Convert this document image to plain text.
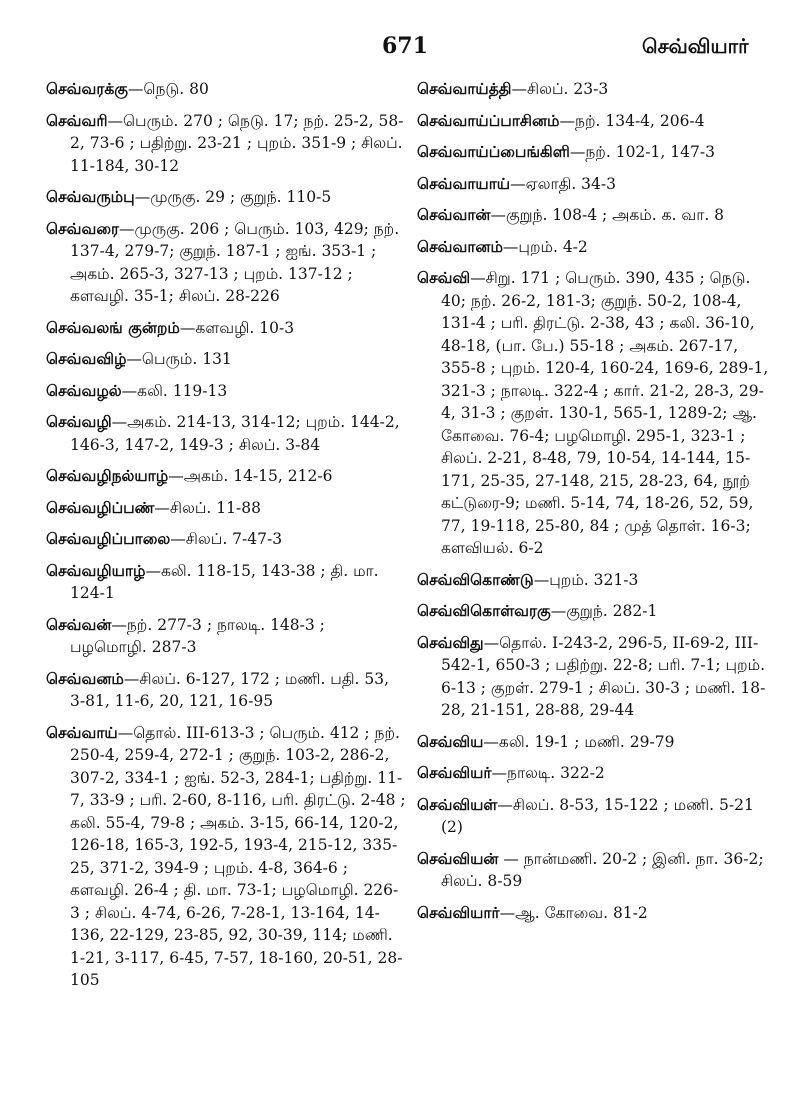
671	செவ்வியார்

செவ்வரக்கு—நெடு. 80

செவ்வரி—பெரும். 270 ; நெடு. 17; நற். 25-2, 58-2, 73-6 ; பதிற்று. 23-21 ; புறம். 351-9 ; சிலப். 11-184, 30-12

செவ்வரும்பு—முருகு. 29 ; குறுந். 110-5

செவ்வரை—முருகு. 206 ; பெரும். 103, 429; நற். 137-4, 279-7; குறுந். 187-1 ; ஐங். 353-1 ; அகம். 265-3, 327-13 ; புறம். 137-12 ; களவழி. 35-1; சிலப். 28-226

செவ்வலங் குன்றம்—களவழி. 10-3

செவ்வவிழ்—பெரும். 131

செவ்வழல்—கலி. 119-13

செவ்வழி—அகம். 214-13, 314-12; புறம். 144-2, 146-3, 147-2, 149-3 ; சிலப். 3-84

செவ்வழிநல்யாழ்—அகம். 14-15, 212-6

செவ்வழிப்பண்—சிலப். 11-88

செவ்வழிப்பாலை—சிலப். 7-47-3

செவ்வழியாழ்—கலி. 118-15, 143-38 ; தி. மா. 124-1

செவ்வன்—நற். 277-3 ; நாலடி. 148-3 ; பழமொழி. 287-3

செவ்வனம்—சிலப். 6-127, 172 ; மணி. பதி. 53, 3-81, 11-6, 20, 121, 16-95

செவ்வாய்—தொல். III-613-3 ; பெரும். 412 ; நற். 250-4, 259-4, 272-1 ; குறுந். 103-2, 286-2, 307-2, 334-1 ; ஐங். 52-3, 284-1; பதிற்று. 11-7, 33-9 ; பரி. 2-60, 8-116, பரி. திரட்டு. 2-48 ; கலி. 55-4, 79-8 ; அகம். 3-15, 66-14, 120-2, 126-18, 165-3, 192-5, 193-4, 215-12, 335-25, 371-2, 394-9 ; புறம். 4-8, 364-6 ; களவழி. 26-4 ; தி. மா. 73-1; பழமொழி. 226-3 ; சிலப். 4-74, 6-26, 7-28-1, 13-164, 14-136, 22-129, 23-85, 92, 30-39, 114; மணி. 1-21, 3-117, 6-45, 7-57, 18-160, 20-51, 28-105

செவ்வாய்த்தி—சிலப். 23-3

செவ்வாய்ப்பாசினம்—நற். 134-4, 206-4

செவ்வாய்ப்பைங்கிளி—நற். 102-1, 147-3

செவ்வாயாய்—ஏலாதி. 34-3

செவ்வான்—குறுந். 108-4 ; அகம். க. வா. 8

செவ்வானம்—புறம். 4-2

செவ்வி—சிறு. 171 ; பெரும். 390, 435 ; நெடு. 40; நற். 26-2, 181-3; குறுந். 50-2, 108-4, 131-4 ; பரி. திரட்டு. 2-38, 43 ; கலி. 36-10, 48-18, (பா. பே.) 55-18 ; அகம். 267-17, 355-8 ; புறம். 120-4, 160-24, 169-6, 289-1, 321-3 ; நாலடி. 322-4 ; கார். 21-2, 28-3, 29-4, 31-3 ; குறள். 130-1, 565-1, 1289-2; ஆ. கோவை. 76-4; பழமொழி. 295-1, 323-1 ; சிலப். 2-21, 8-48, 79, 10-54, 14-144, 15-171, 25-35, 27-148, 215, 28-23, 64, நூற் கட்டுரை-9; மணி. 5-14, 74, 18-26, 52, 59, 77, 19-118, 25-80, 84 ; முத் தொள். 16-3; களவியல். 6-2

செவ்விகொண்டு—புறம். 321-3

செவ்விகொள்வரகு—குறுந். 282-1

செவ்விது—தொல். I-243-2, 296-5, II-69-2, III-542-1, 650-3 ; பதிற்று. 22-8; பரி. 7-1; புறம். 6-13 ; குறள். 279-1 ; சிலப். 30-3 ; மணி. 18-28, 21-151, 28-88, 29-44

செவ்விய—கலி. 19-1 ; மணி. 29-79

செவ்வியர்—நாலடி. 322-2

செவ்வியள்—சிலப். 8-53, 15-122 ; மணி. 5-21 (2)

செவ்வியன் — நான்மணி. 20-2 ; இனி. நா. 36-2; சிலப். 8-59

செவ்வியார்—ஆ. கோவை. 81-2
